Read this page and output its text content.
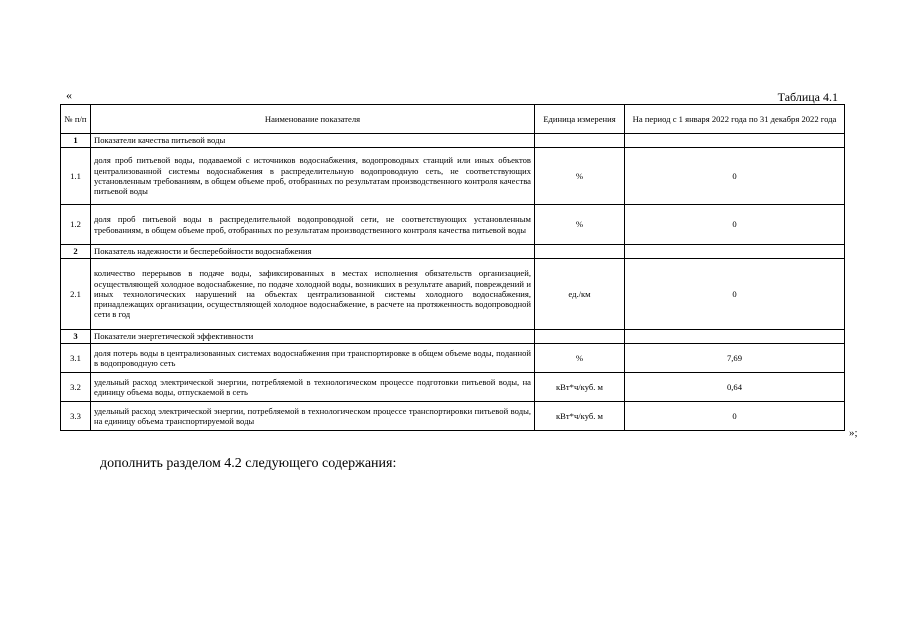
«	Таблица 4.1
№ п/п	Наименование показателя	Единица измерения	На период с 1 января 2022 года по 31 декабря 2022 года
1	Показатели качества питьевой воды		
1.1	доля проб питьевой воды, подаваемой с источников водоснабжения, водопроводных станций или иных объектов централизованной системы водоснабжения в распределительную водопроводную сеть, не соответствующих установленным требованиям, в общем объеме проб, отобранных по результатам производственного контроля качества питьевой воды	%	0
1.2	доля проб питьевой воды в распределительной водопроводной сети, не соответствующих установленным требованиям, в общем объеме проб, отобранных по результатам производственного контроля качества питьевой воды	%	0
2	Показатель надежности и бесперебойности водоснабжения		
2.1	количество перерывов в подаче воды, зафиксированных в местах исполнения обязательств организацией, осуществляющей холодное водоснабжение, по подаче холодной воды, возникших в результате аварий, повреждений и иных технологических нарушений на объектах централизованной системы холодного водоснабжения, принадлежащих организации, осуществляющей холодное водоснабжение, в расчете на протяженность водопроводной сети в год	ед./км	0
3	Показатели энергетической эффективности		
3.1	доля потерь воды в централизованных системах водоснабжения при транспортировке в общем объеме воды, поданной в водопроводную сеть	%	7,69
3.2	удельный расход электрической энергии, потребляемой в технологическом процессе подготовки питьевой воды, на единицу объема воды, отпускаемой в сеть	кВт*ч/куб. м	0,64
3.3	удельный расход электрической энергии, потребляемой в технологическом процессе транспортировки питьевой воды, на единицу объема транспортируемой воды	кВт*ч/куб. м	0
»;
дополнить разделом 4.2 следующего содержания:
